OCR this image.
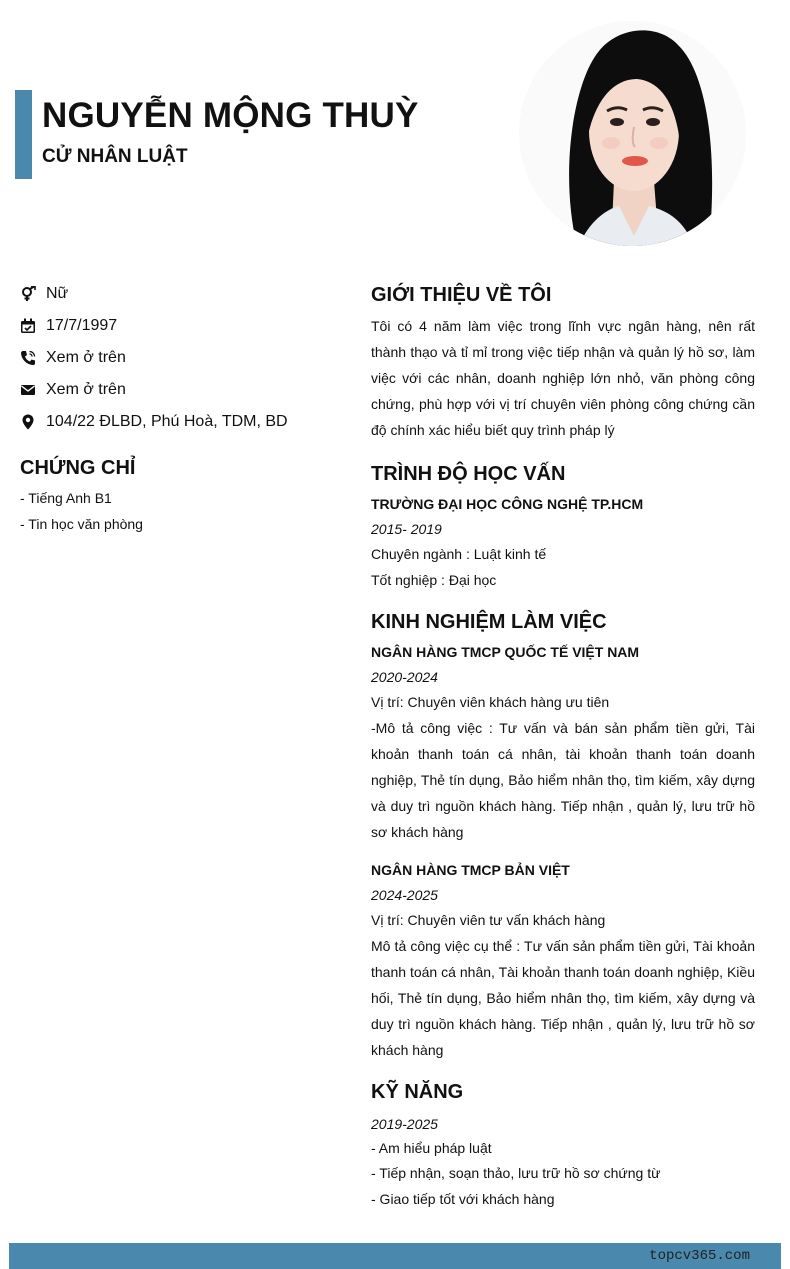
NGUYỄN MỘNG THUỲ
CỬ NHÂN LUẬT
Nữ
17/7/1997
Xem ở trên
Xem ở trên
104/22 ĐLBD, Phú Hoà, TDM, BD
CHỨNG CHỈ
- Tiếng Anh B1
- Tin học văn phòng
GIỚI THIỆU VỀ TÔI
Tôi có 4 năm làm việc trong lĩnh vực ngân hàng, nên rất thành thạo và tỉ mỉ trong việc tiếp nhận và quản lý hồ sơ, làm việc với các nhân, doanh nghiệp lớn nhỏ, văn phòng công chứng, phù hợp với vị trí chuyên viên phòng công chứng cần độ chính xác hiểu biết quy trình pháp lý
TRÌNH ĐỘ HỌC VẤN
TRƯỜNG ĐẠI HỌC CÔNG NGHỆ TP.HCM
2015- 2019
Chuyên ngành : Luật kinh tế
Tốt nghiệp : Đại học
KINH NGHIỆM LÀM VIỆC
NGÂN HÀNG TMCP QUỐC TẾ VIỆT NAM
2020-2024
Vị trí: Chuyên viên khách hàng ưu tiên
-Mô tả công việc : Tư vấn và bán sản phẩm tiền gửi, Tài khoản thanh toán cá nhân, tài khoản thanh toán doanh nghiệp, Thẻ tín dụng, Bảo hiểm nhân thọ, tìm kiếm, xây dựng và duy trì nguồn khách hàng. Tiếp nhận , quản lý, lưu trữ hồ sơ khách hàng
NGÂN HÀNG TMCP BẢN VIỆT
2024-2025
Vị trí: Chuyên viên tư vấn khách hàng
Mô tả công việc cụ thể : Tư vấn sản phẩm tiền gửi, Tài khoản thanh toán cá nhân, Tài khoản thanh toán doanh nghiệp, Kiều hối, Thẻ tín dụng, Bảo hiểm nhân thọ, tìm kiếm, xây dựng và duy trì nguồn khách hàng. Tiếp nhận , quản lý, lưu trữ hồ sơ khách hàng
KỸ NĂNG
2019-2025
- Am hiểu pháp luật
- Tiếp nhận, soạn thảo, lưu trữ hồ sơ chứng từ
- Giao tiếp tốt với khách hàng
topcv365.com
